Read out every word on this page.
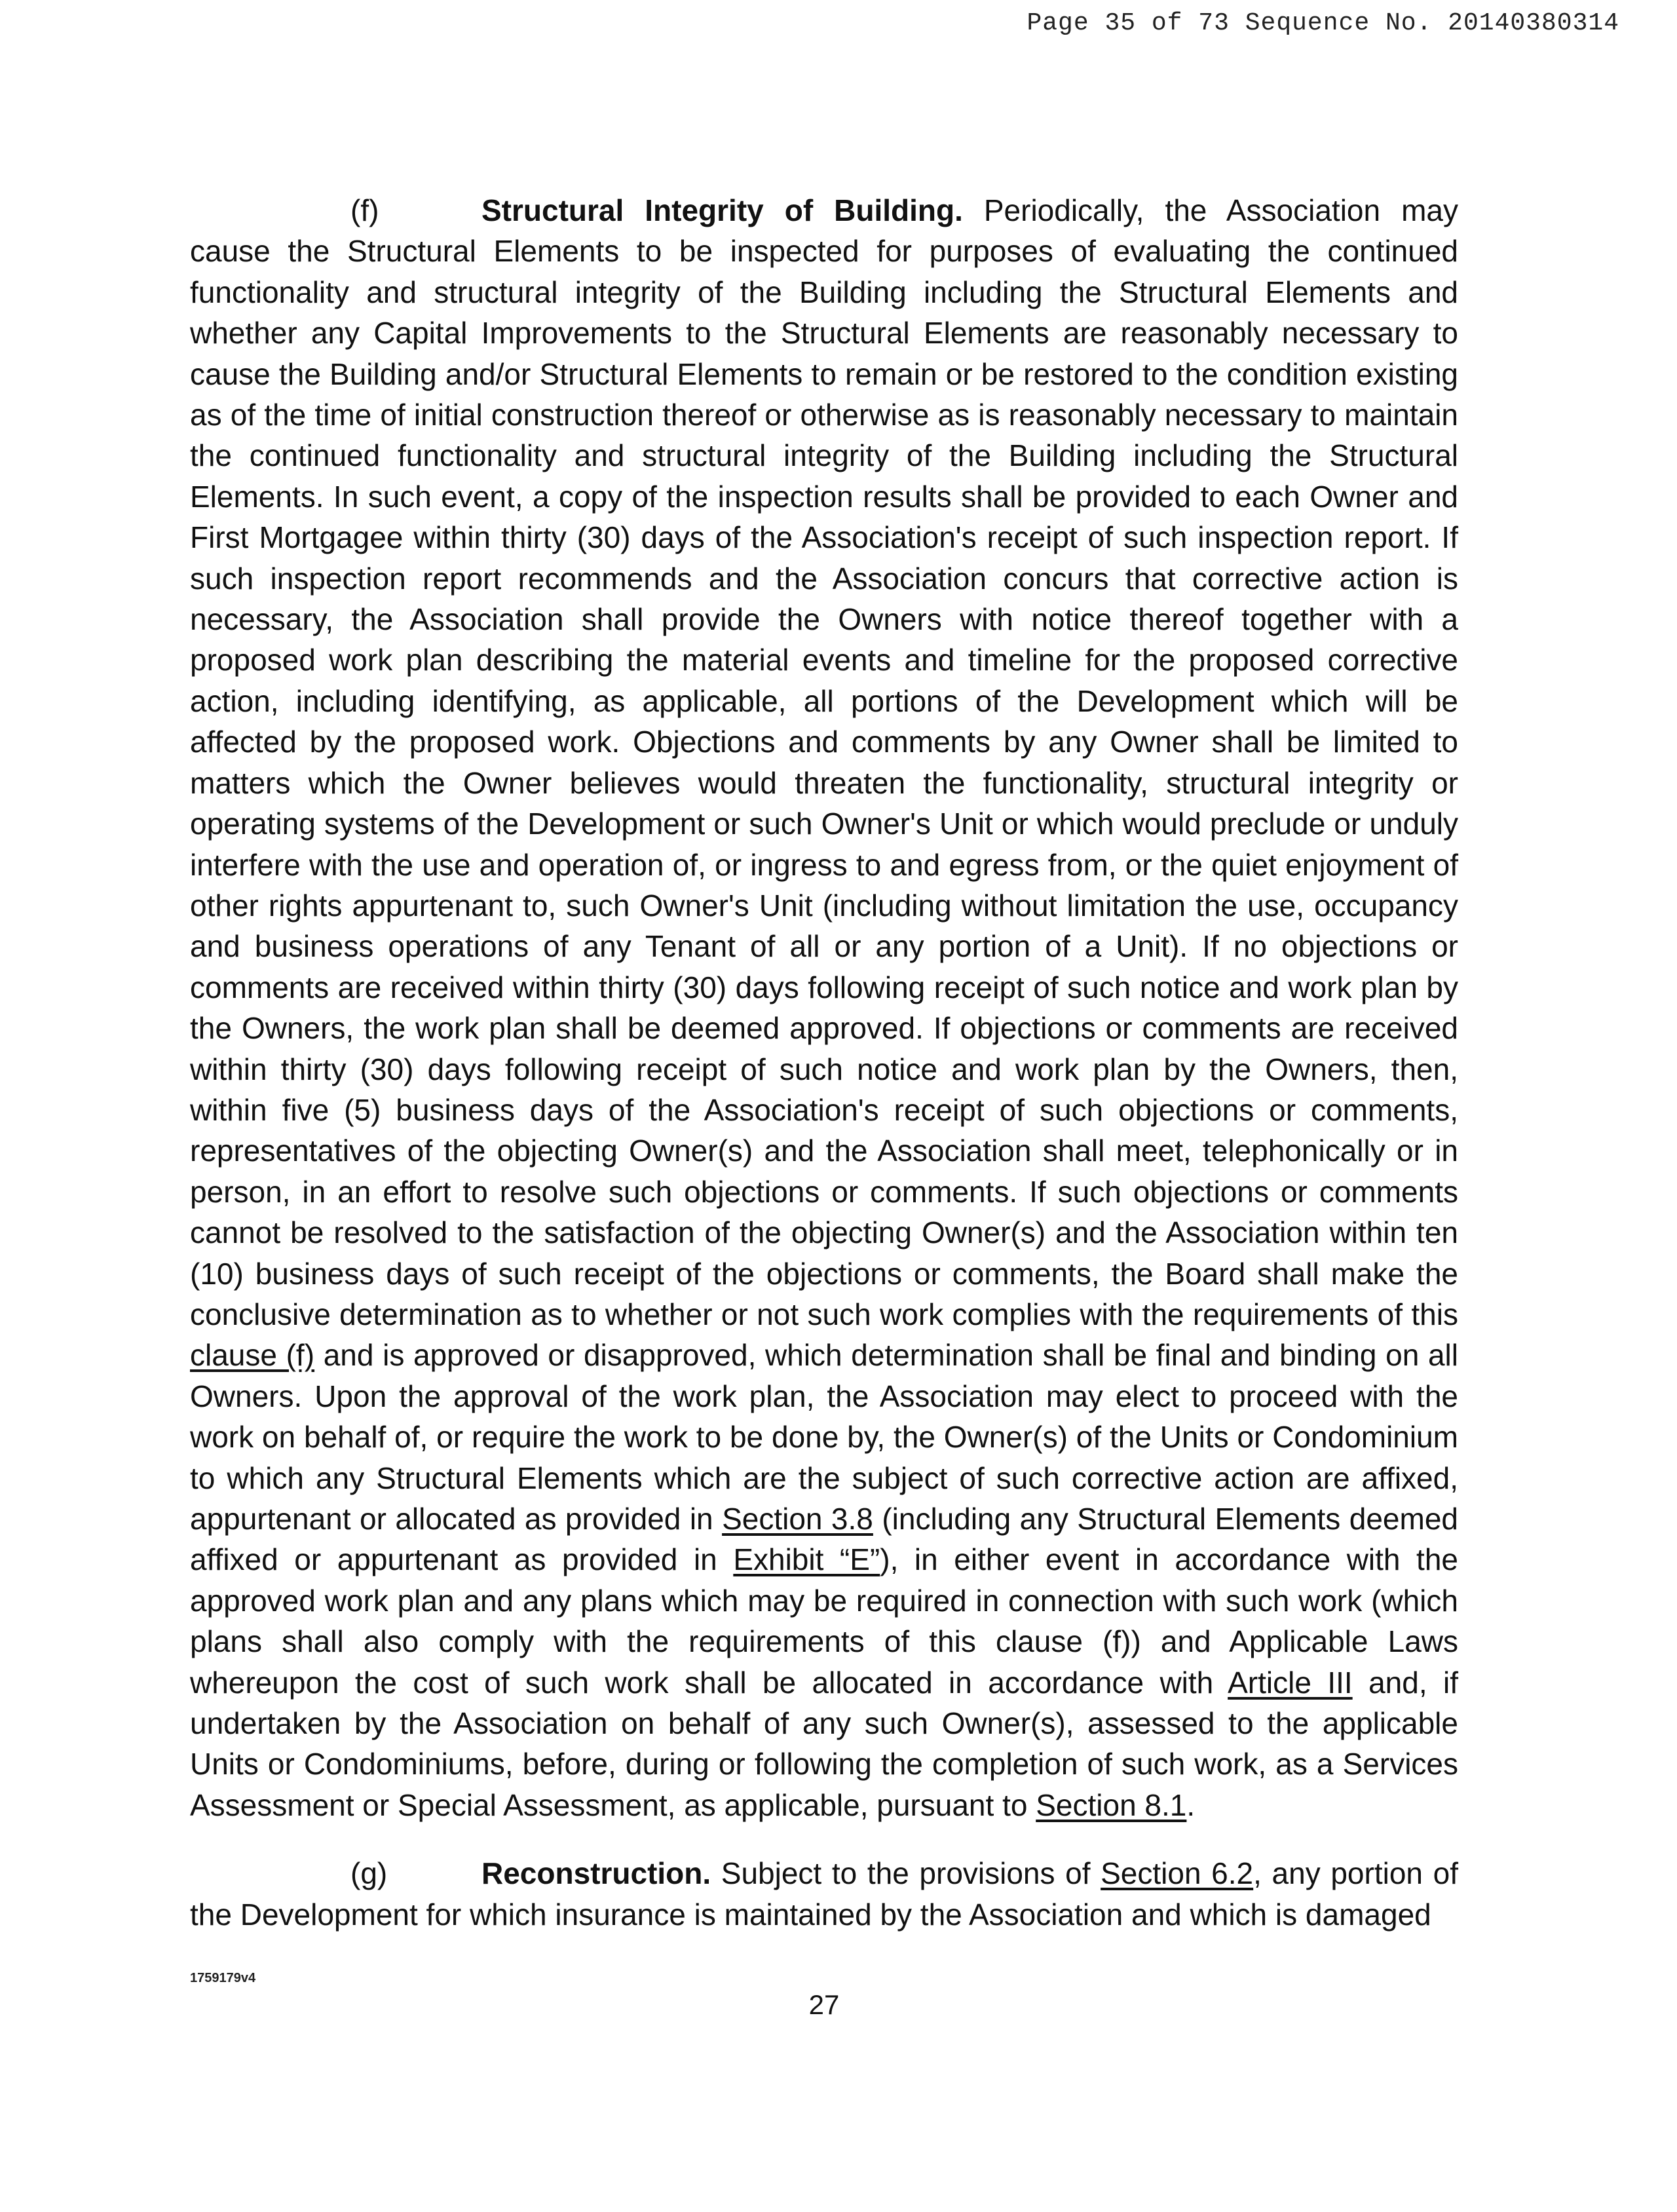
Page 35 of 73 Sequence No. 20140380314

(f)	Structural Integrity of Building. Periodically, the Association may cause the Structural Elements to be inspected for purposes of evaluating the continued functionality and structural integrity of the Building including the Structural Elements and whether any Capital Improvements to the Structural Elements are reasonably necessary to cause the Building and/or Structural Elements to remain or be restored to the condition existing as of the time of initial construction thereof or otherwise as is reasonably necessary to maintain the continued functionality and structural integrity of the Building including the Structural Elements. In such event, a copy of the inspection results shall be provided to each Owner and First Mortgagee within thirty (30) days of the Association's receipt of such inspection report. If such inspection report recommends and the Association concurs that corrective action is necessary, the Association shall provide the Owners with notice thereof together with a proposed work plan describing the material events and timeline for the proposed corrective action, including identifying, as applicable, all portions of the Development which will be affected by the proposed work. Objections and comments by any Owner shall be limited to matters which the Owner believes would threaten the functionality, structural integrity or operating systems of the Development or such Owner's Unit or which would preclude or unduly interfere with the use and operation of, or ingress to and egress from, or the quiet enjoyment of other rights appurtenant to, such Owner's Unit (including without limitation the use, occupancy and business operations of any Tenant of all or any portion of a Unit). If no objections or comments are received within thirty (30) days following receipt of such notice and work plan by the Owners, the work plan shall be deemed approved. If objections or comments are received within thirty (30) days following receipt of such notice and work plan by the Owners, then, within five (5) business days of the Association's receipt of such objections or comments, representatives of the objecting Owner(s) and the Association shall meet, telephonically or in person, in an effort to resolve such objections or comments. If such objections or comments cannot be resolved to the satisfaction of the objecting Owner(s) and the Association within ten (10) business days of such receipt of the objections or comments, the Board shall make the conclusive determination as to whether or not such work complies with the requirements of this clause (f) and is approved or disapproved, which determination shall be final and binding on all Owners. Upon the approval of the work plan, the Association may elect to proceed with the work on behalf of, or require the work to be done by, the Owner(s) of the Units or Condominium to which any Structural Elements which are the subject of such corrective action are affixed, appurtenant or allocated as provided in Section 3.8 (including any Structural Elements deemed affixed or appurtenant as provided in Exhibit “E”), in either event in accordance with the approved work plan and any plans which may be required in connection with such work (which plans shall also comply with the requirements of this clause (f)) and Applicable Laws whereupon the cost of such work shall be allocated in accordance with Article III and, if undertaken by the Association on behalf of any such Owner(s), assessed to the applicable Units or Condominiums, before, during or following the completion of such work, as a Services Assessment or Special Assessment, as applicable, pursuant to Section 8.1.

(g)	Reconstruction. Subject to the provisions of Section 6.2, any portion of the Development for which insurance is maintained by the Association and which is damaged

1759179v4
27
